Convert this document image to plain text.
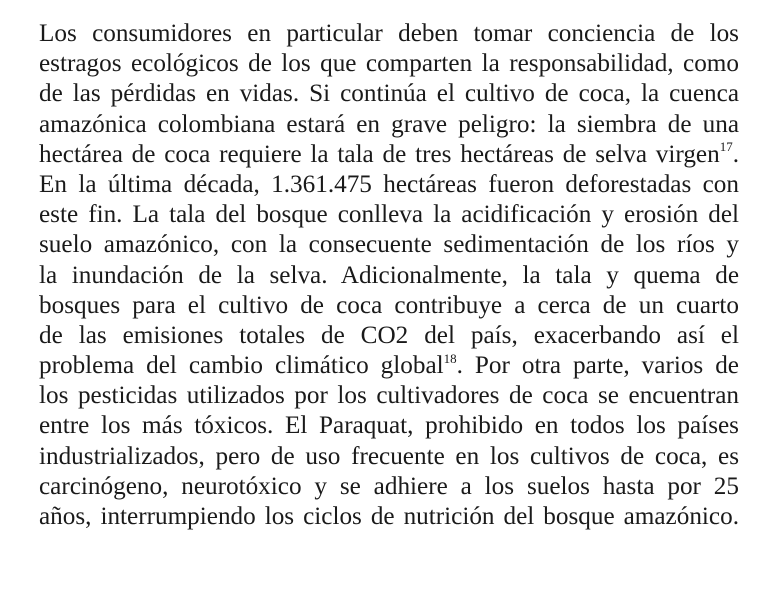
Los consumidores en particular deben tomar conciencia de los
estragos ecológicos de los que comparten la responsabilidad, como
de las pérdidas en vidas. Si continúa el cultivo de coca, la cuenca
amazónica colombiana estará en grave peligro: la siembra de una
hectárea de coca requiere la tala de tres hectáreas de selva virgen$^{17}$.
En la última década, 1.361.475 hectáreas fueron deforestadas con
este fin. La tala del bosque conlleva la acidificación y erosión del
suelo amazónico, con la consecuente sedimentación de los ríos y
la inundación de la selva. Adicionalmente, la tala y quema de
bosques para el cultivo de coca contribuye a cerca de un cuarto
de las emisiones totales de CO2 del país, exacerbando así el
problema del cambio climático global$^{18}$. Por otra parte, varios de
los pesticidas utilizados por los cultivadores de coca se encuentran
entre los más tóxicos. El Paraquat, prohibido en todos los países
industrializados, pero de uso frecuente en los cultivos de coca, es
carcinógeno, neurotóxico y se adhiere a los suelos hasta por 25
años, interrumpiendo los ciclos de nutrición del bosque amazónico.
